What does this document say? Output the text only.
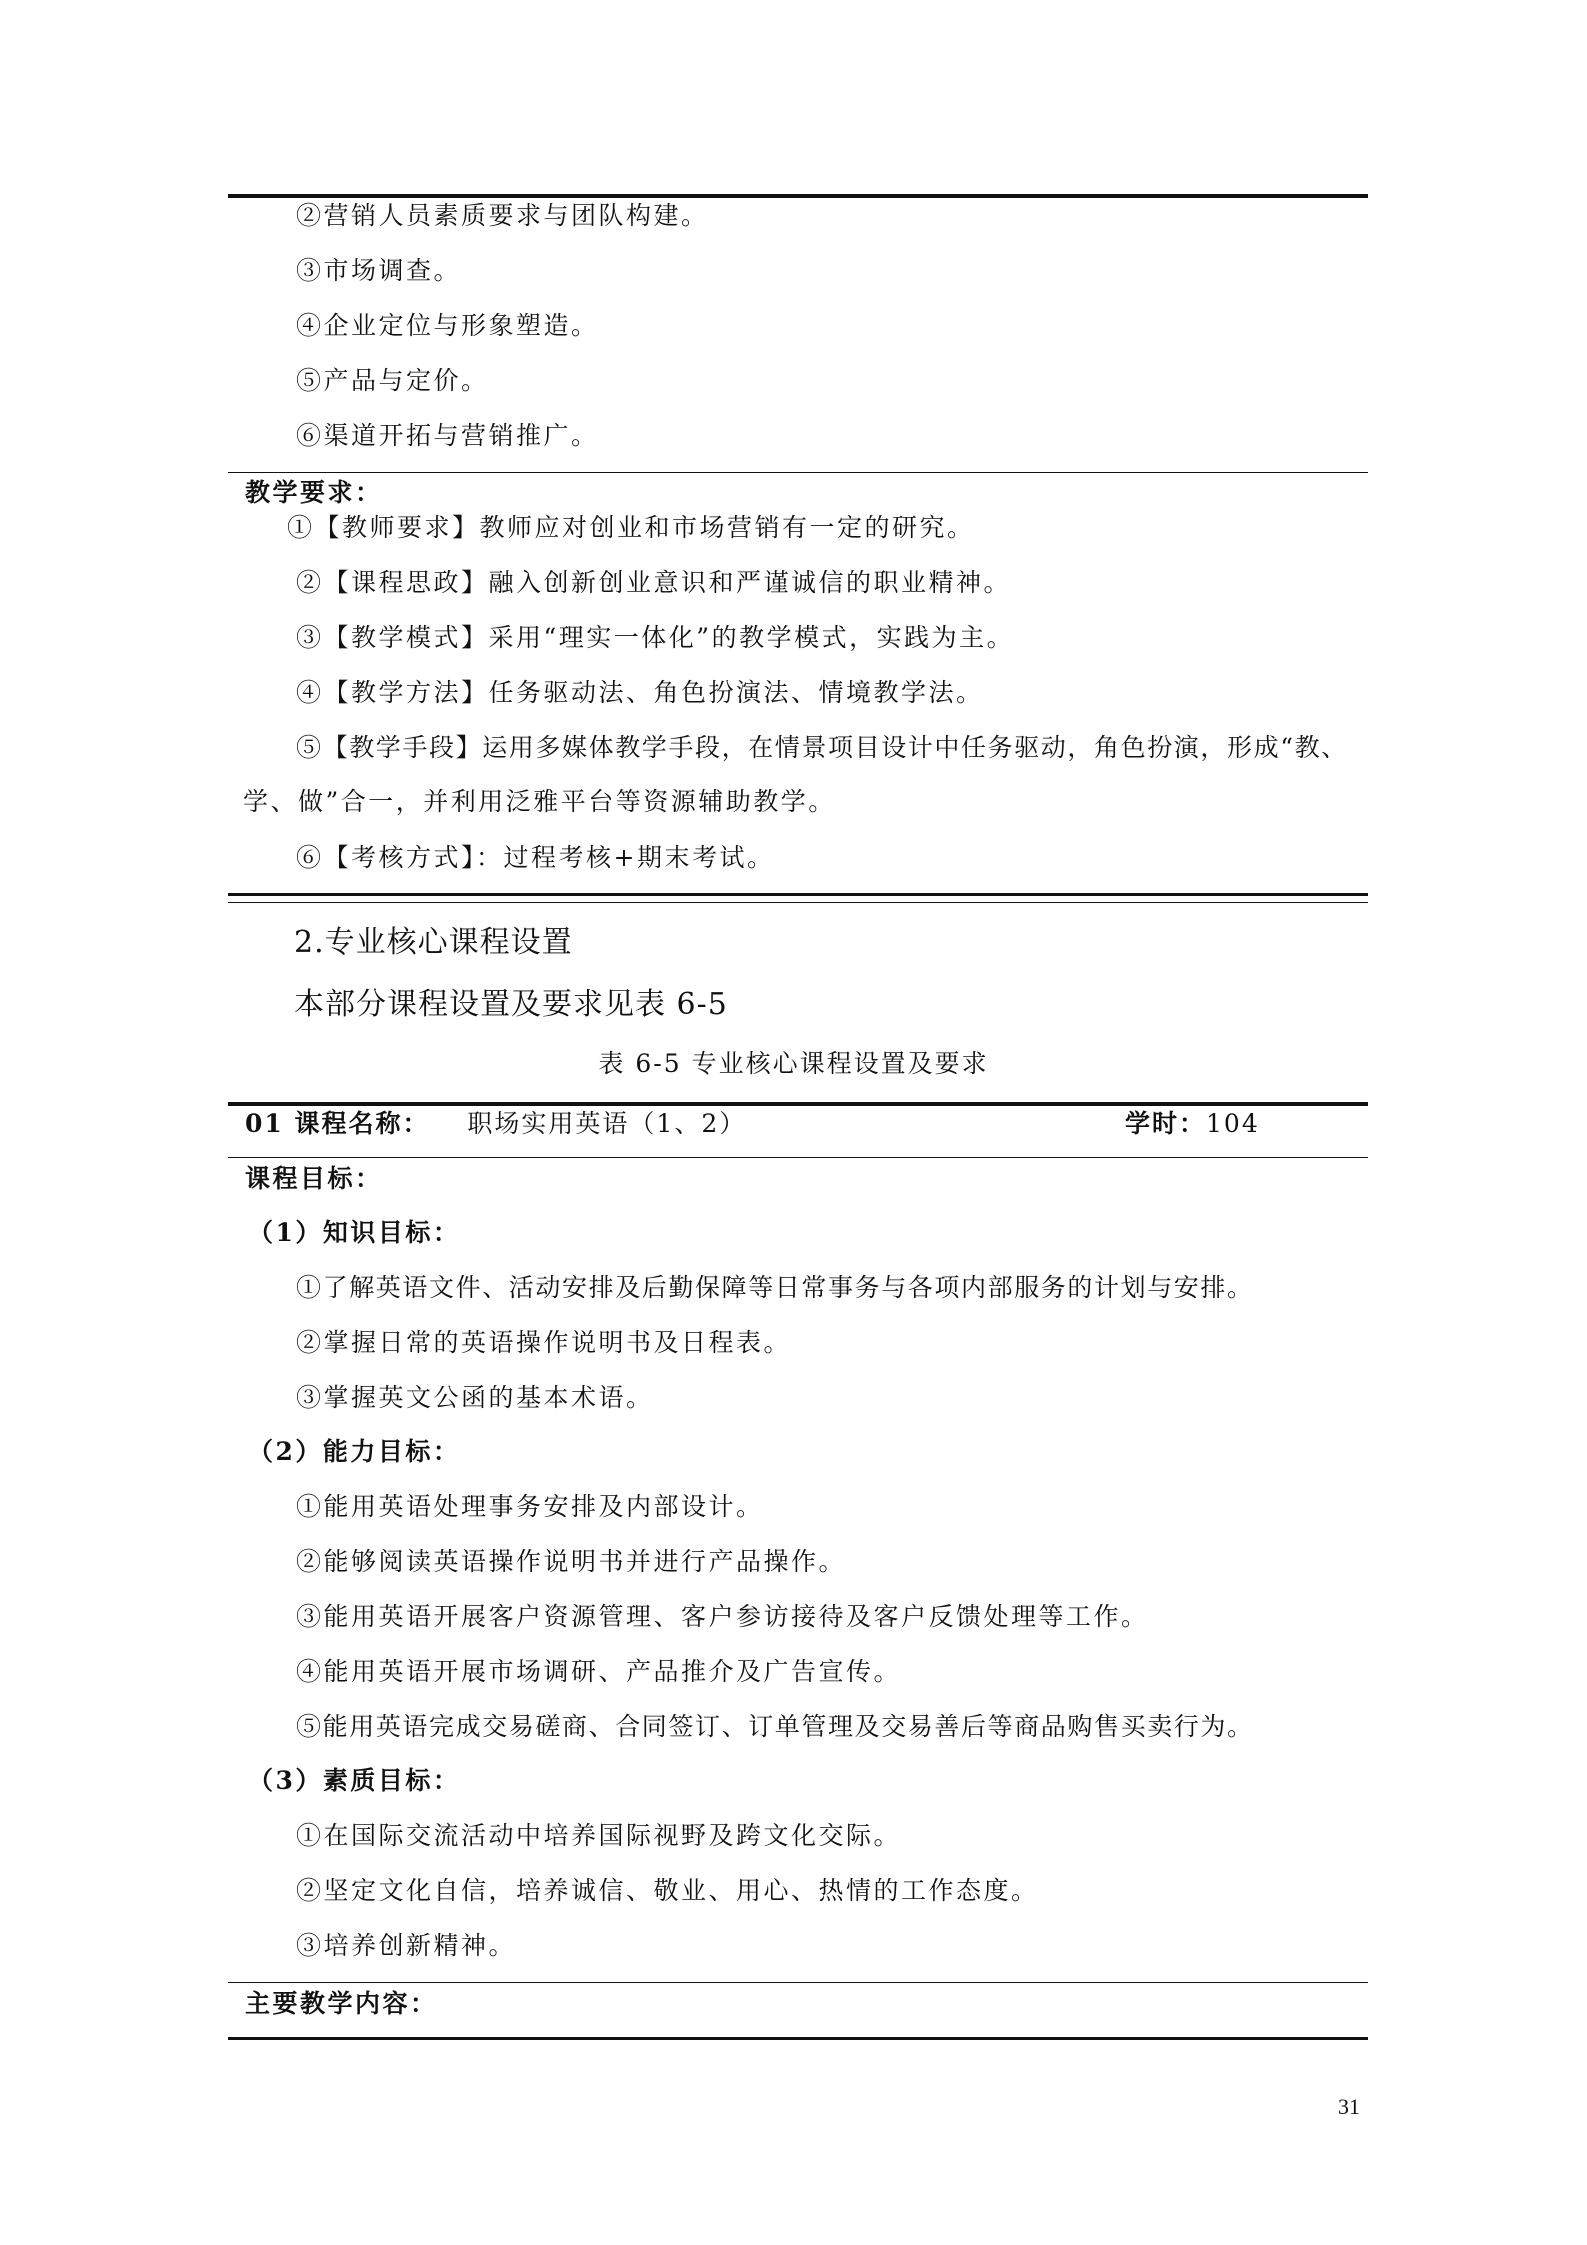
②营销人员素质要求与团队构建。
③市场调查。
④企业定位与形象塑造。
⑤产品与定价。
⑥渠道开拓与营销推广。
教学要求：
①【教师要求】教师应对创业和市场营销有一定的研究。
②【课程思政】融入创新创业意识和严谨诚信的职业精神。
③【教学模式】采用“理实一体化”的教学模式，实践为主。
④【教学方法】任务驱动法、角色扮演法、情境教学法。
⑤【教学手段】运用多媒体教学手段，在情景项目设计中任务驱动，角色扮演，形成“教、
学、做”合一，并利用泛雅平台等资源辅助教学。
⑥【考核方式】：过程考核+期末考试。
2.专业核心课程设置
本部分课程设置及要求见表 6-5
表 6-5 专业核心课程设置及要求
01 课程名称： 职场实用英语（1、2）	学时：104
课程目标：
（1）知识目标：
①了解英语文件、活动安排及后勤保障等日常事务与各项内部服务的计划与安排。
②掌握日常的英语操作说明书及日程表。
③掌握英文公函的基本术语。
（2）能力目标：
①能用英语处理事务安排及内部设计。
②能够阅读英语操作说明书并进行产品操作。
③能用英语开展客户资源管理、客户参访接待及客户反馈处理等工作。
④能用英语开展市场调研、产品推介及广告宣传。
⑤能用英语完成交易磋商、合同签订、订单管理及交易善后等商品购售买卖行为。
（3）素质目标：
①在国际交流活动中培养国际视野及跨文化交际。
②坚定文化自信，培养诚信、敬业、用心、热情的工作态度。
③培养创新精神。
主要教学内容：
31
